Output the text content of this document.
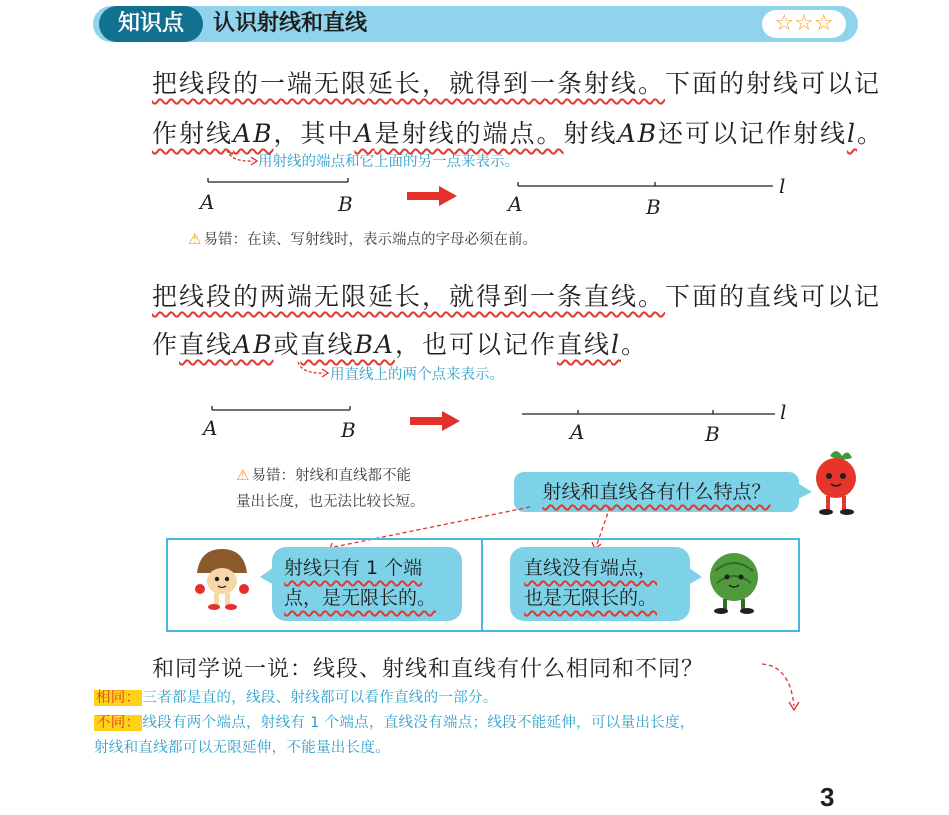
知识点	认识射线和直线	☆☆☆
把线段的一端无限延长，就得到一条射线。下面的射线可以记
作射线AB，其中A是射线的端点。射线AB还可以记作射线l。
用射线的端点和它上面的另一点来表示。
A	B	A	B
l
⚠ 易错：在读、写射线时，表示端点的字母必须在前。
把线段的两端无限延长，就得到一条直线。下面的直线可以记
作直线AB或直线BA，也可以记作直线l。
用直线上的两个点来表示。
A	B	A	B
l
⚠ 易错：射线和直线都不能
量出长度，也无法比较长短。	射线和直线各有什么特点？
射线只有 1 个端
点，是无限长的。
直线没有端点，
也是无限长的。
和同学说一说：线段、射线和直线有什么相同和不同？
相同： 三者都是直的，线段、射线都可以看作直线的一部分。
不同： 线段有两个端点，射线有 1 个端点，直线没有端点；线段不能延伸，可以量出长度，
射线和直线都可以无限延伸，不能量出长度。
3
